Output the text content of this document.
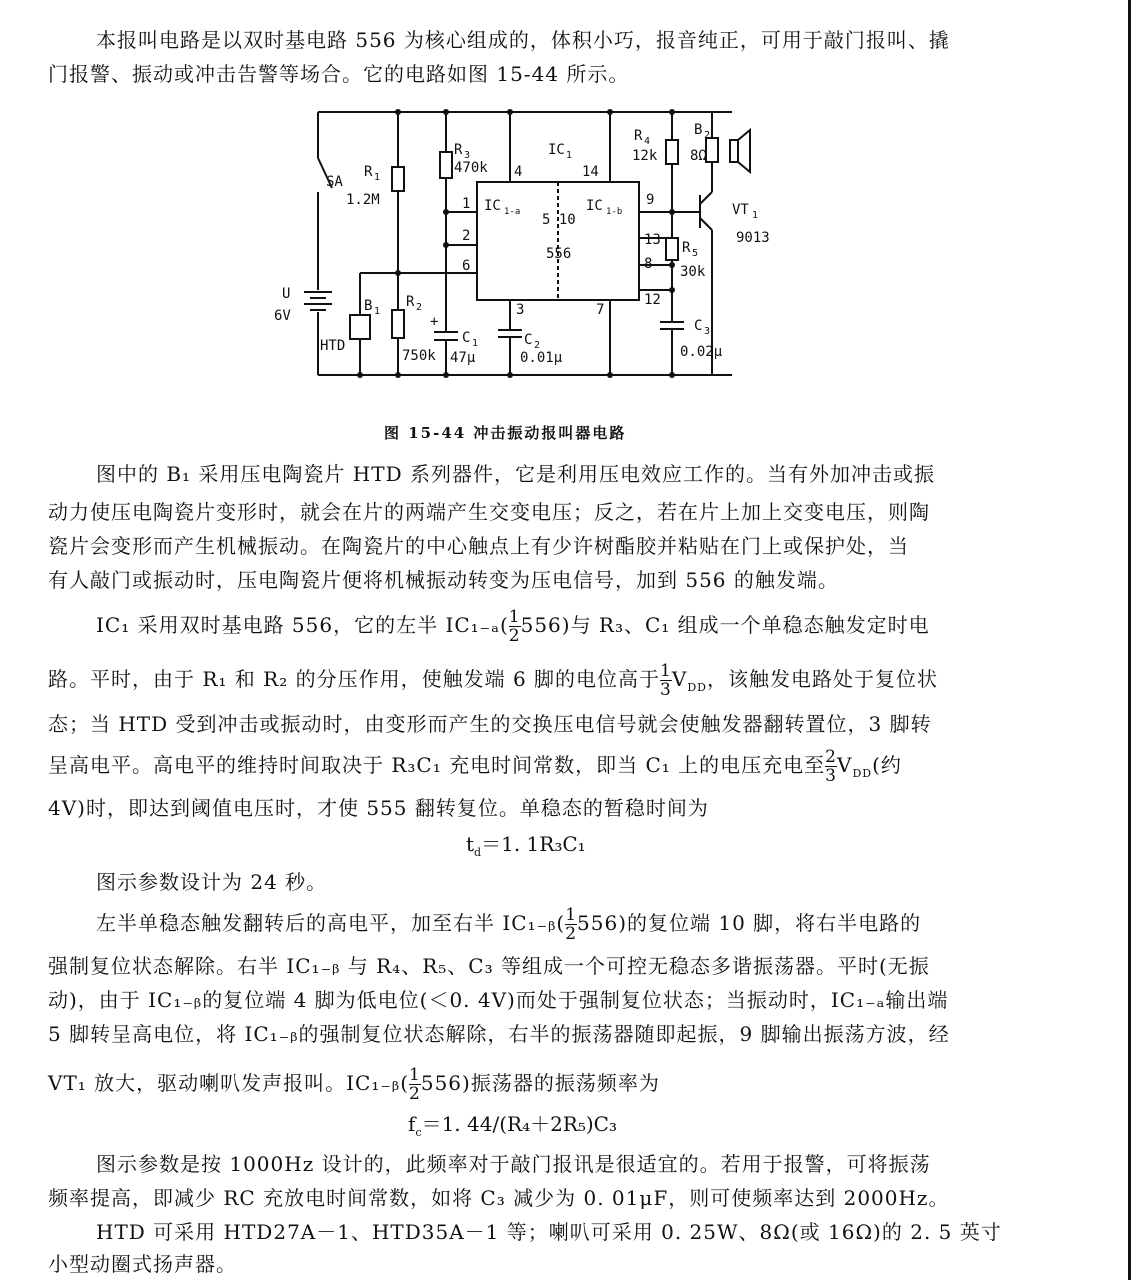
本报叫电路是以双时基电路 556 为核心组成的，体积小巧，报音纯正，可用于敲门报叫、撬

门报警、振动或冲击告警等场合。它的电路如图 15-44 所示。

SA
R 1
1.2M
R 3
470k
IC 1
R 4
12k
B 2
8Ω
VT 1
9013
IC 1-a	IC 1-b
5 10
556
1
2
6
4	14
9
13
8
12
3	7
R 5
30k
U
6V
B 1
HTD
R 2
750k
+
C 1
47μ
C 2
0.01μ
C 3
0.02μ
图 15-44 冲击振动报叫器电路

图中的 B₁ 采用压电陶瓷片 HTD 系列器件，它是利用压电效应工作的。当有外加冲击或振

动力使压电陶瓷片变形时，就会在片的两端产生交变电压；反之，若在片上加上交变电压，则陶

瓷片会变形而产生机械振动。在陶瓷片的中心触点上有少许树酯胶并粘贴在门上或保护处，当

有人敲门或振动时，压电陶瓷片便将机械振动转变为压电信号，加到 556 的触发端。

IC₁ 采用双时基电路 556，它的左半 $IC_{1-a}( \frac{1}{2} 556)$与 R₃、C₁ 组成一个单稳态触发定时电

路。平时，由于 R₁ 和 R₂ 的分压作用，使触发端 6 脚的电位高于 $\frac{1}{3} V_{DD}$，该触发电路处于复位状

态；当 HTD 受到冲击或振动时，由变形而产生的交换压电信号就会使触发器翻转置位，3 脚转

呈高电平。高电平的维持时间取决于 R₃C₁ 充电时间常数，即当 C₁ 上的电压充电至 $\frac{2}{3} V_{DD}$(约

4V)时，即达到阈值电压时，才使 555 翻转复位。单稳态的暂稳时间为

$t_d=1$. 1R₃C₁

图示参数设计为 24 秒。

左半单稳态触发翻转后的高电平，加至右半 IC₁₋ᵦ( $\frac{1}{2} 556$)的复位端 10 脚，将右半电路的

强制复位状态解除。右半 IC₁₋ᵦ 与 R₄、R₅、C₃ 等组成一个可控无稳态多谐振荡器。平时(无振

动)，由于 IC₁₋ᵦ的复位端 4 脚为低电位(＜0. 4V)而处于强制复位状态；当振动时，IC₁₋ₐ输出端

5 脚转呈高电位，将 IC₁₋ᵦ的强制复位状态解除，右半的振荡器随即起振，9 脚输出振荡方波，经

VT₁ 放大，驱动喇叭发声报叫。IC₁₋ᵦ( $\frac{1}{2} 556$)振荡器的振荡频率为

$f_c=1$. 44/(R₄＋2R₅)C₃

图示参数是按 1000Hz 设计的，此频率对于敲门报讯是很适宜的。若用于报警，可将振荡

频率提高，即减少 RC 充放电时间常数，如将 C₃ 减少为 0. 01μF，则可使频率达到 2000Hz。

HTD 可采用 HTD27A－1、HTD35A－1 等；喇叭可采用 0. 25W、8Ω(或 16Ω)的 2. 5 英寸

小型动圈式扬声器。
